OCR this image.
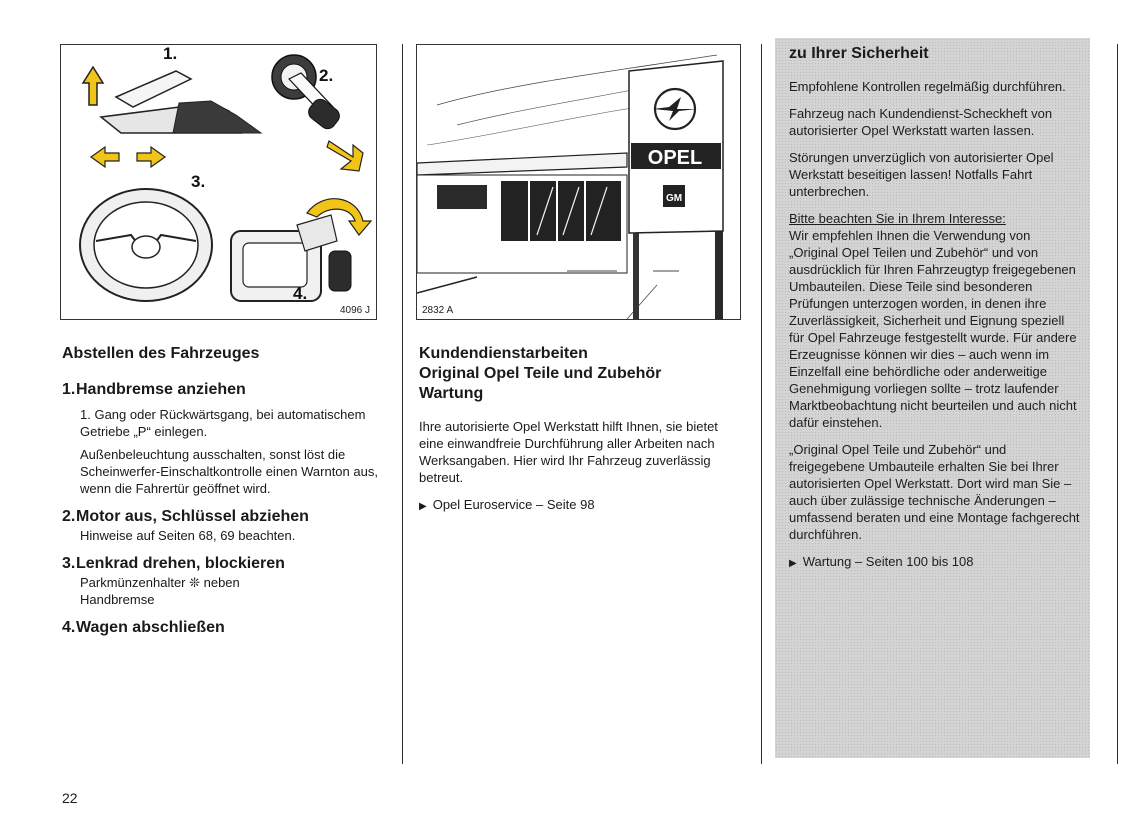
1.
2.
3.
4.
4096 J
OPEL
GM
2832 A
Abstellen des Fahrzeuges
1.Handbremse anziehen

1. Gang oder Rückwärtsgang, bei automatischem Getriebe „P“ einlegen.

Außenbeleuchtung ausschalten, sonst löst die Scheinwerfer-Einschaltkontrolle einen Warnton aus, wenn die Fahrertür geöffnet wird.

2.Motor aus, Schlüssel abziehen

Hinweise auf Seiten 68, 69 beachten.

3.Lenkrad drehen, blockieren

Parkmünzenhalter ❊ neben Handbremse

4.Wagen abschließen
Kundendienstarbeiten
Original Opel Teile und Zubehör
Wartung

Ihre autorisierte Opel Werkstatt hilft Ihnen, sie bietet eine einwandfreie Durchführung aller Arbeiten nach Werksangaben. Hier wird Ihr Fahrzeug zuverlässig betreut.

▶ Opel Euroservice – Seite 98

zu Ihrer Sicherheit

Empfohlene Kontrollen regelmäßig durchführen.

Fahrzeug nach Kundendienst-Scheckheft von autorisierter Opel Werkstatt warten lassen.

Störungen unverzüglich von autorisierter Opel Werkstatt beseitigen lassen! Notfalls Fahrt unterbrechen.

Bitte beachten Sie in Ihrem Interesse:
Wir empfehlen Ihnen die Verwendung von „Original Opel Teilen und Zubehör“ und von ausdrücklich für Ihren Fahrzeugtyp freigegebenen Umbauteilen. Diese Teile sind besonderen Prüfungen unterzogen worden, in denen ihre Zuverlässigkeit, Sicherheit und Eignung speziell für Opel Fahrzeuge festgestellt wurde. Für andere Erzeugnisse können wir dies – auch wenn im Einzelfall eine behördliche oder anderweitige Genehmigung vorliegen sollte – trotz laufender Marktbeobachtung nicht beurteilen und auch nicht dafür einstehen.

„Original Opel Teile und Zubehör“ und freigegebene Umbauteile erhalten Sie bei Ihrer autorisierten Opel Werkstatt. Dort wird man Sie – auch über zulässige technische Änderungen – umfassend beraten und eine Montage fachgerecht durchführen.

▶ Wartung – Seiten 100 bis 108

22
